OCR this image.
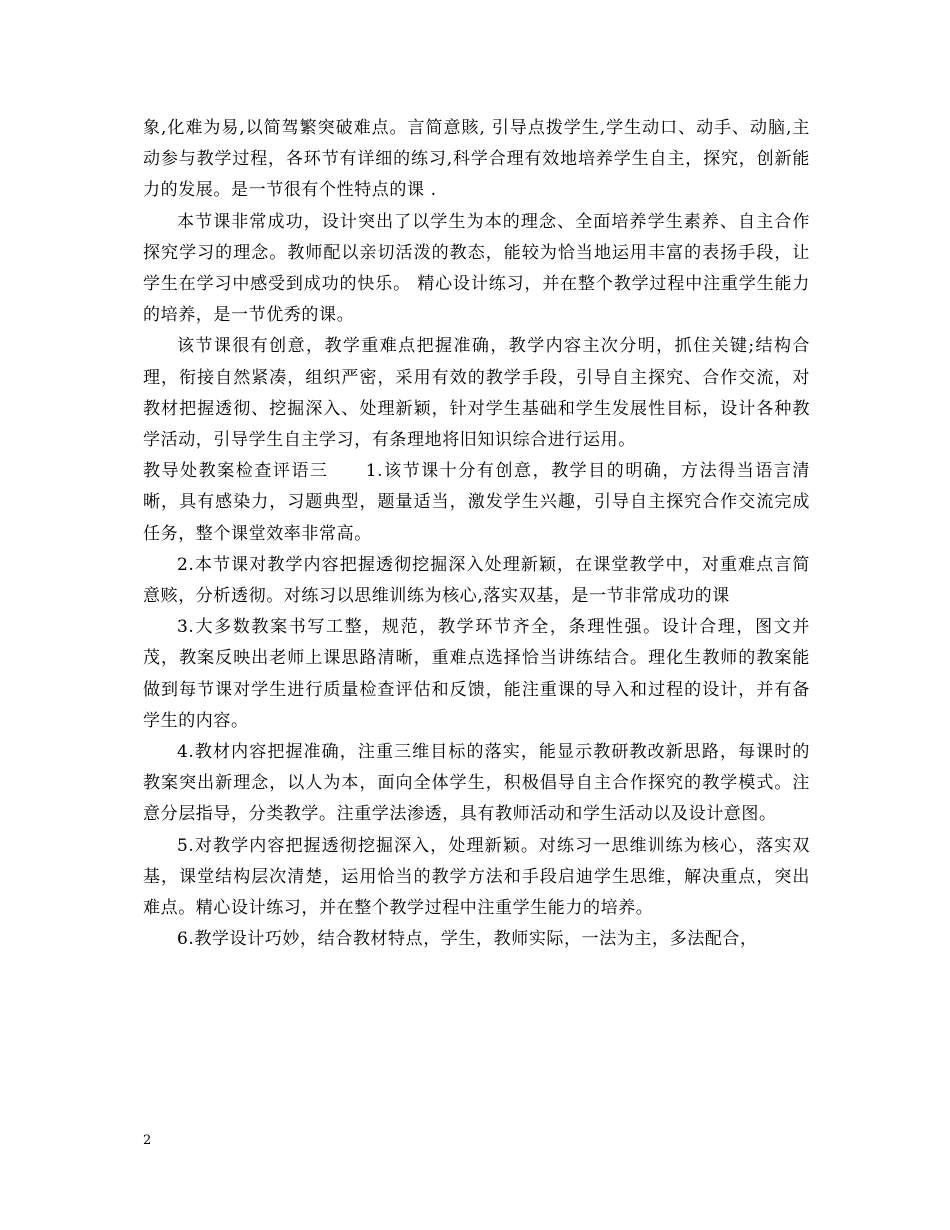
象,化难为易,以简驾繁突破难点。言简意賅, 引导点拨学生,学生动口、动手、动脑,主动参与教学过程，各环节有详细的练习,科学合理有效地培养学生自主，探究，创新能力的发展。是一节很有个性特点的课 .

本节课非常成功，设计突出了以学生为本的理念、全面培养学生素养、自主合作探究学习的理念。教师配以亲切活泼的教态，能较为恰当地运用丰富的表扬手段，让学生在学习中感受到成功的快乐。 精心设计练习，并在整个教学过程中注重学生能力的培养，是一节优秀的课。

该节课很有创意，教学重难点把握准确，教学内容主次分明，抓住关键;结构合理，衔接自然紧凑，组织严密，采用有效的教学手段，引导自主探究、合作交流，对教材把握透彻、挖掘深入、处理新颖，针对学生基础和学生发展性目标，设计各种教学活动，引导学生自主学习，有条理地将旧知识综合进行运用。

教导处教案检查评语三　　1.该节课十分有创意，教学目的明确，方法得当语言清晰，具有感染力，习题典型，题量适当，激发学生兴趣，引导自主探究合作交流完成任务，整个课堂效率非常高。

2.本节课对教学内容把握透彻挖掘深入处理新颖，在课堂教学中，对重难点言简意赅，分析透彻。对练习以思维训练为核心,落实双基，是一节非常成功的课

3.大多数教案书写工整，规范，教学环节齐全，条理性强。设计合理，图文并茂，教案反映出老师上课思路清晰，重难点选择恰当讲练结合。理化生教师的教案能做到每节课对学生进行质量检查评估和反馈，能注重课的导入和过程的设计，并有备学生的内容。

4.教材内容把握准确，注重三维目标的落实，能显示教研教改新思路，每课时的教案突出新理念，以人为本，面向全体学生，积极倡导自主合作探究的教学模式。注意分层指导，分类教学。注重学法渗透，具有教师活动和学生活动以及设计意图。

5.对教学内容把握透彻挖掘深入，处理新颖。对练习一思维训练为核心，落实双基，课堂结构层次清楚，运用恰当的教学方法和手段启迪学生思维，解决重点，突出难点。精心设计练习，并在整个教学过程中注重学生能力的培养。

6.教学设计巧妙，结合教材特点，学生，教师实际，一法为主，多法配合，

2
